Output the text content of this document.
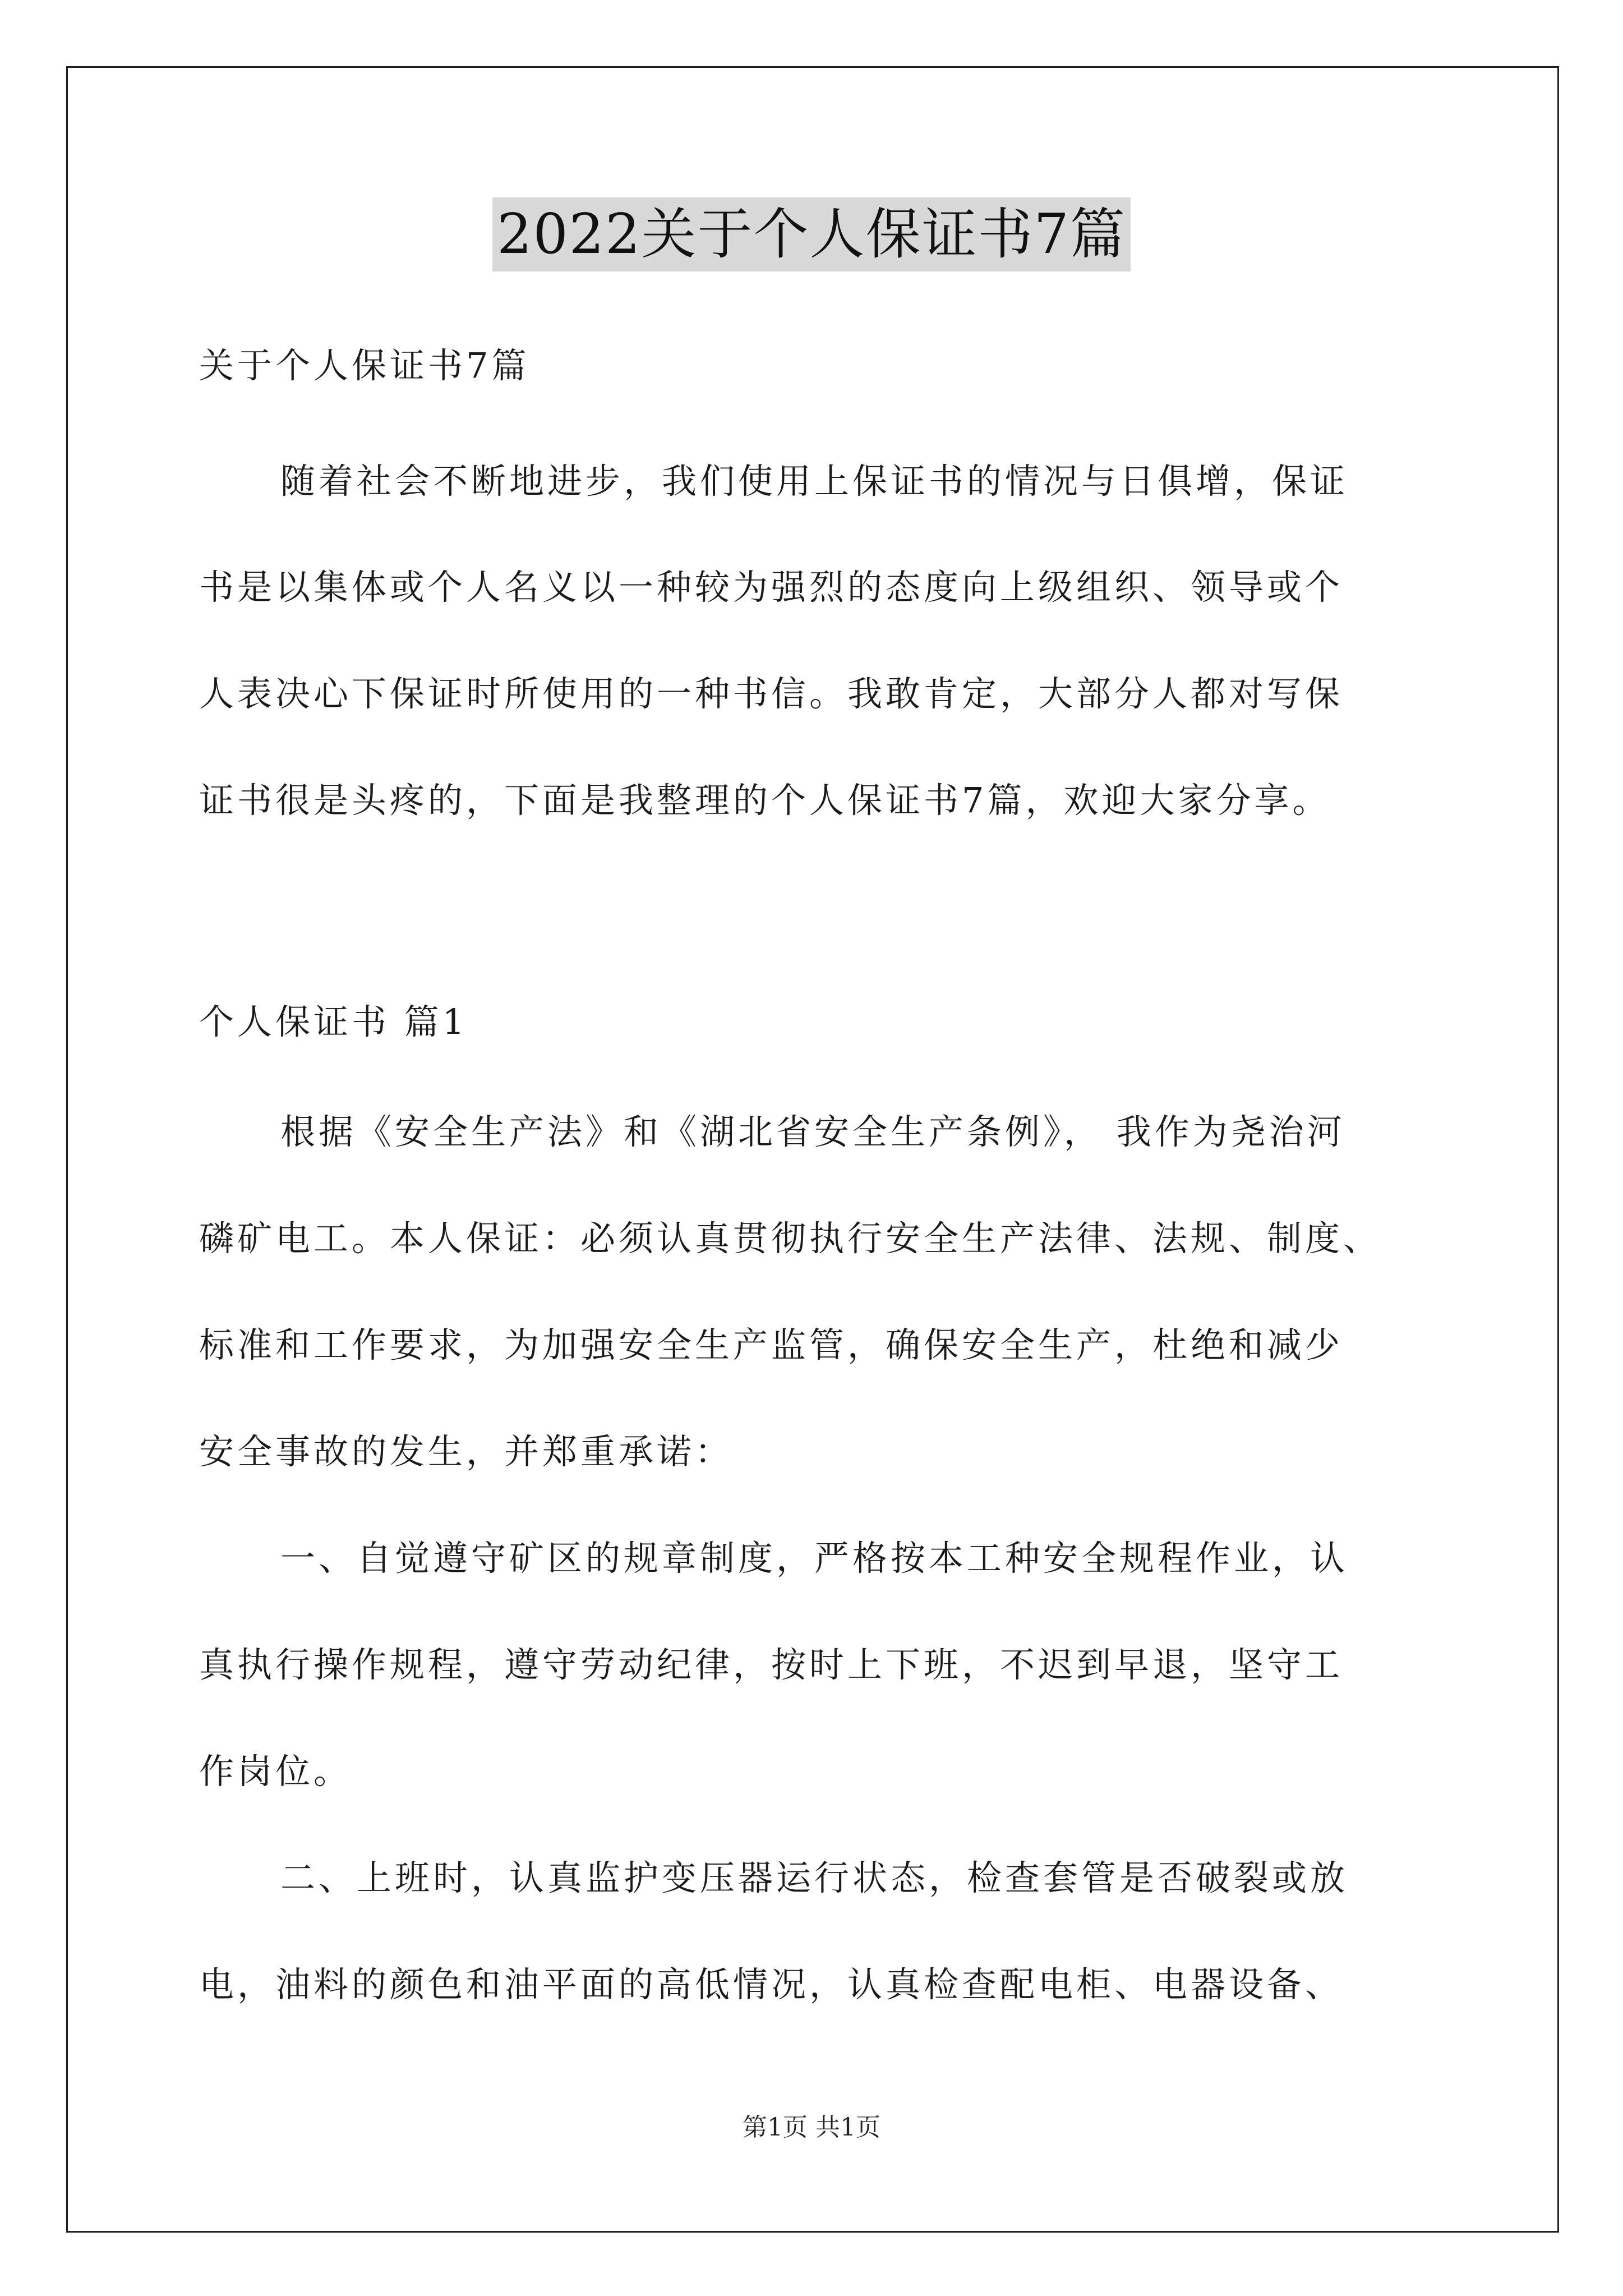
2022关于个人保证书7篇
关于个人保证书7篇
随着社会不断地进步，我们使用上保证书的情况与日俱增，保证
书是以集体或个人名义以一种较为强烈的态度向上级组织、领导或个
人表决心下保证时所使用的一种书信。我敢肯定，大部分人都对写保
证书很是头疼的，下面是我整理的个人保证书7篇，欢迎大家分享。
个人保证书 篇1
根据《安全生产法》和《湖北省安全生产条例》， 我作为尧治河
磷矿电工。本人保证：必须认真贯彻执行安全生产法律、法规、制度、
标准和工作要求，为加强安全生产监管，确保安全生产，杜绝和减少
安全事故的发生，并郑重承诺：
一、自觉遵守矿区的规章制度，严格按本工种安全规程作业，认
真执行操作规程，遵守劳动纪律，按时上下班，不迟到早退，坚守工
作岗位。
二、上班时，认真监护变压器运行状态，检查套管是否破裂或放
电，油料的颜色和油平面的高低情况，认真检查配电柜、电器设备、
第1页 共1页
